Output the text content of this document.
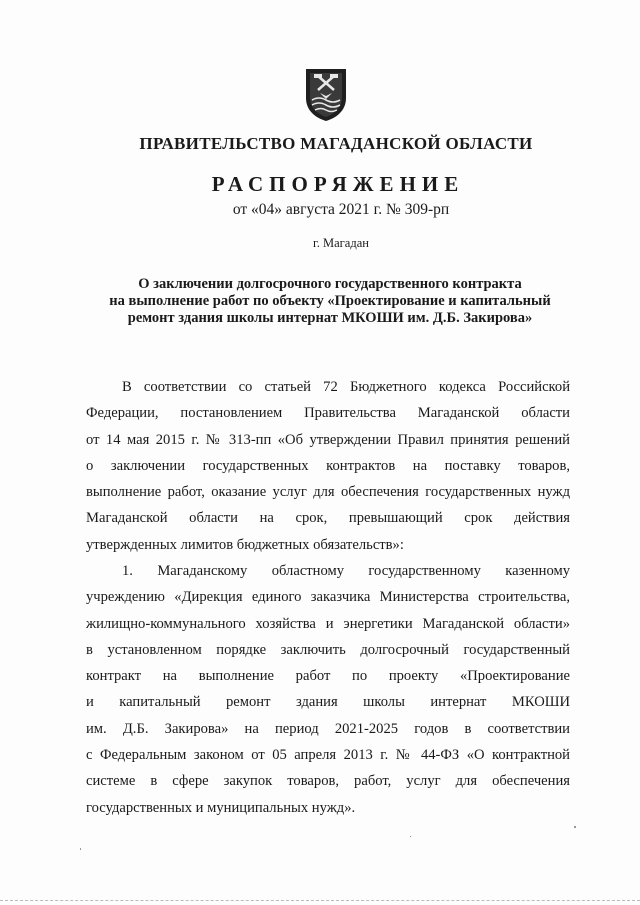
ПРАВИТЕЛЬСТВО МАГАДАНСКОЙ ОБЛАСТИ
РАСПОРЯЖЕНИЕ
от «04» августа 2021 г. № 309-рп
г. Магадан
О заключении долгосрочного государственного контракта
на выполнение работ по объекту «Проектирование и капитальный
ремонт здания школы интернат МКОШИ им. Д.Б. Закирова»
В соответствии со статьей 72 Бюджетного кодекса Российской
Федерации, постановлением Правительства Магаданской области
от 14 мая 2015 г. № 313-пп «Об утверждении Правил принятия решений
о заключении государственных контрактов на поставку товаров,
выполнение работ, оказание услуг для обеспечения государственных нужд
Магаданской области на срок, превышающий срок действия
утвержденных лимитов бюджетных обязательств»:
1. Магаданскому областному государственному казенному
учреждению «Дирекция единого заказчика Министерства строительства,
жилищно-коммунального хозяйства и энергетики Магаданской области»
в установленном порядке заключить долгосрочный государственный
контракт на выполнение работ по проекту «Проектирование
и капитальный ремонт здания школы интернат МКОШИ
им. Д.Б. Закирова» на период 2021-2025 годов в соответствии
с Федеральным законом от 05 апреля 2013 г. № 44-ФЗ «О контрактной
системе в сфере закупок товаров, работ, услуг для обеспечения
государственных и муниципальных нужд».
